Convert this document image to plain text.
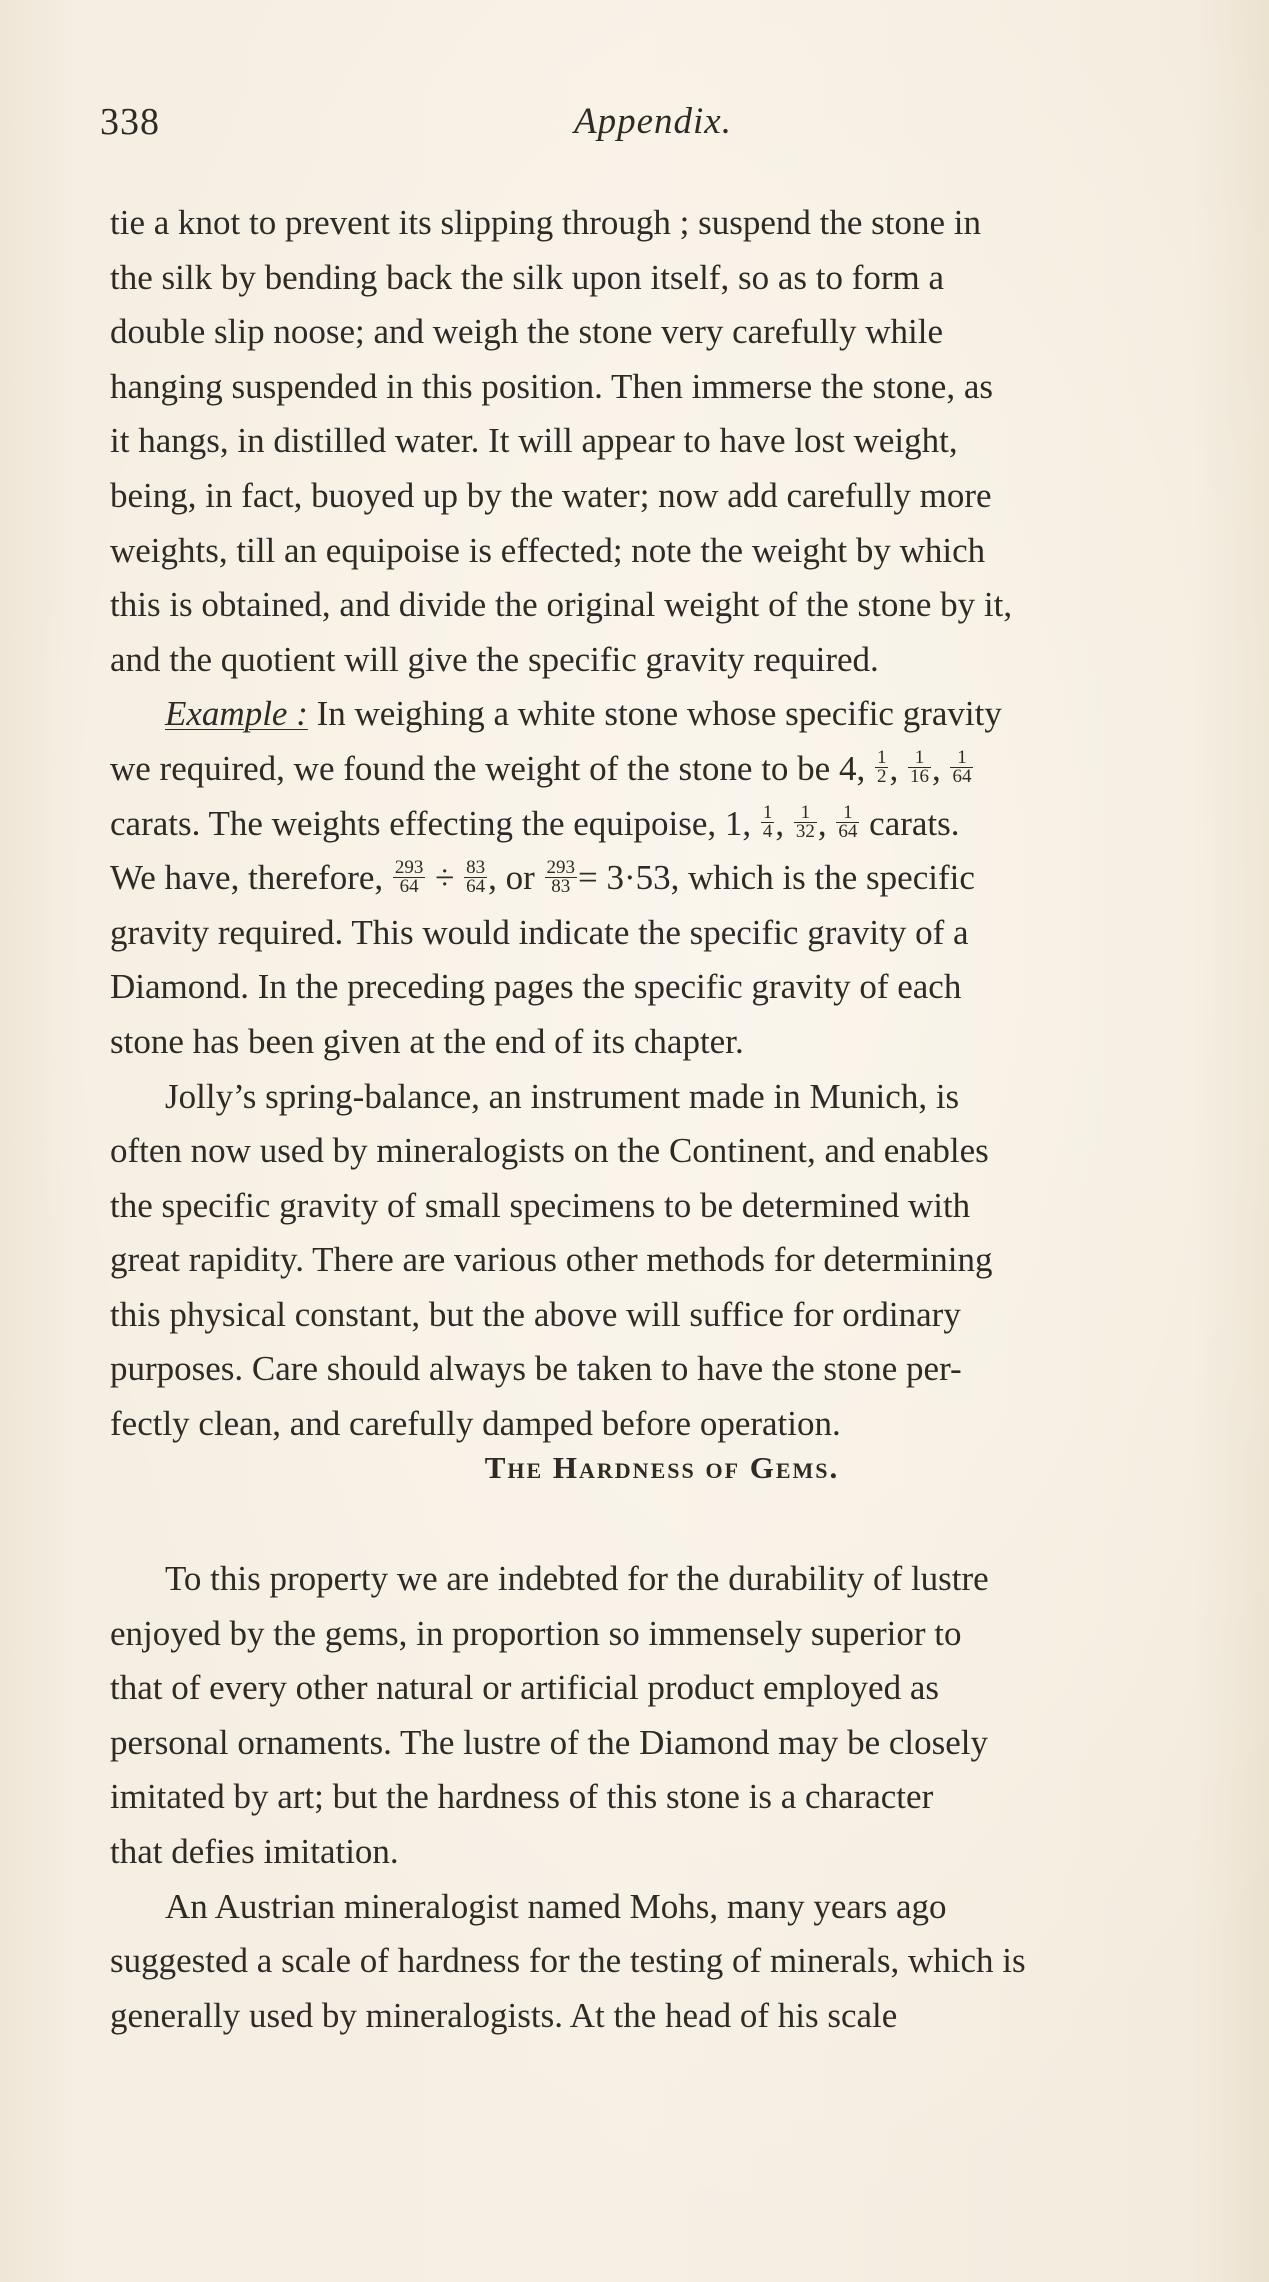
338	Appendix.

tie a knot to prevent its slipping through ; suspend the stone in

the silk by bending back the silk upon itself, so as to form a

double slip noose; and weigh the stone very carefully while

hanging suspended in this position. Then immerse the stone, as

it hangs, in distilled water. It will appear to have lost weight,

being, in fact, buoyed up by the water; now add carefully more

weights, till an equipoise is effected; note the weight by which

this is obtained, and divide the original weight of the stone by it,

and the quotient will give the specific gravity required.

Example : In weighing a white stone whose specific gravity

we required, we found the weight of the stone to be 4, $\frac{1}{2}$ , $\frac{1}{16}$ , $\frac{1}{64}$

carats. The weights effecting the equipoise, 1, $\frac{1}{4}$ , $\frac{1}{32}$ , $\frac{1}{64}$ carats.

We have, therefore, $\frac{293}{64} \div \frac{83}{64}$ , or $\frac{293}{83} = 3\cdot 53$, which is the specific

gravity required. This would indicate the specific gravity of a

Diamond. In the preceding pages the specific gravity of each

stone has been given at the end of its chapter.

Jolly’s spring-balance, an instrument made in Munich, is

often now used by mineralogists on the Continent, and enables

the specific gravity of small specimens to be determined with

great rapidity. There are various other methods for determining

this physical constant, but the above will suffice for ordinary

purposes. Care should always be taken to have the stone per-

fectly clean, and carefully damped before operation.

The Hardness of Gems.

To this property we are indebted for the durability of lustre

enjoyed by the gems, in proportion so immensely superior to

that of every other natural or artificial product employed as

personal ornaments. The lustre of the Diamond may be closely

imitated by art; but the hardness of this stone is a character

that defies imitation.

An Austrian mineralogist named Mohs, many years ago

suggested a scale of hardness for the testing of minerals, which is

generally used by mineralogists. At the head of his scale
